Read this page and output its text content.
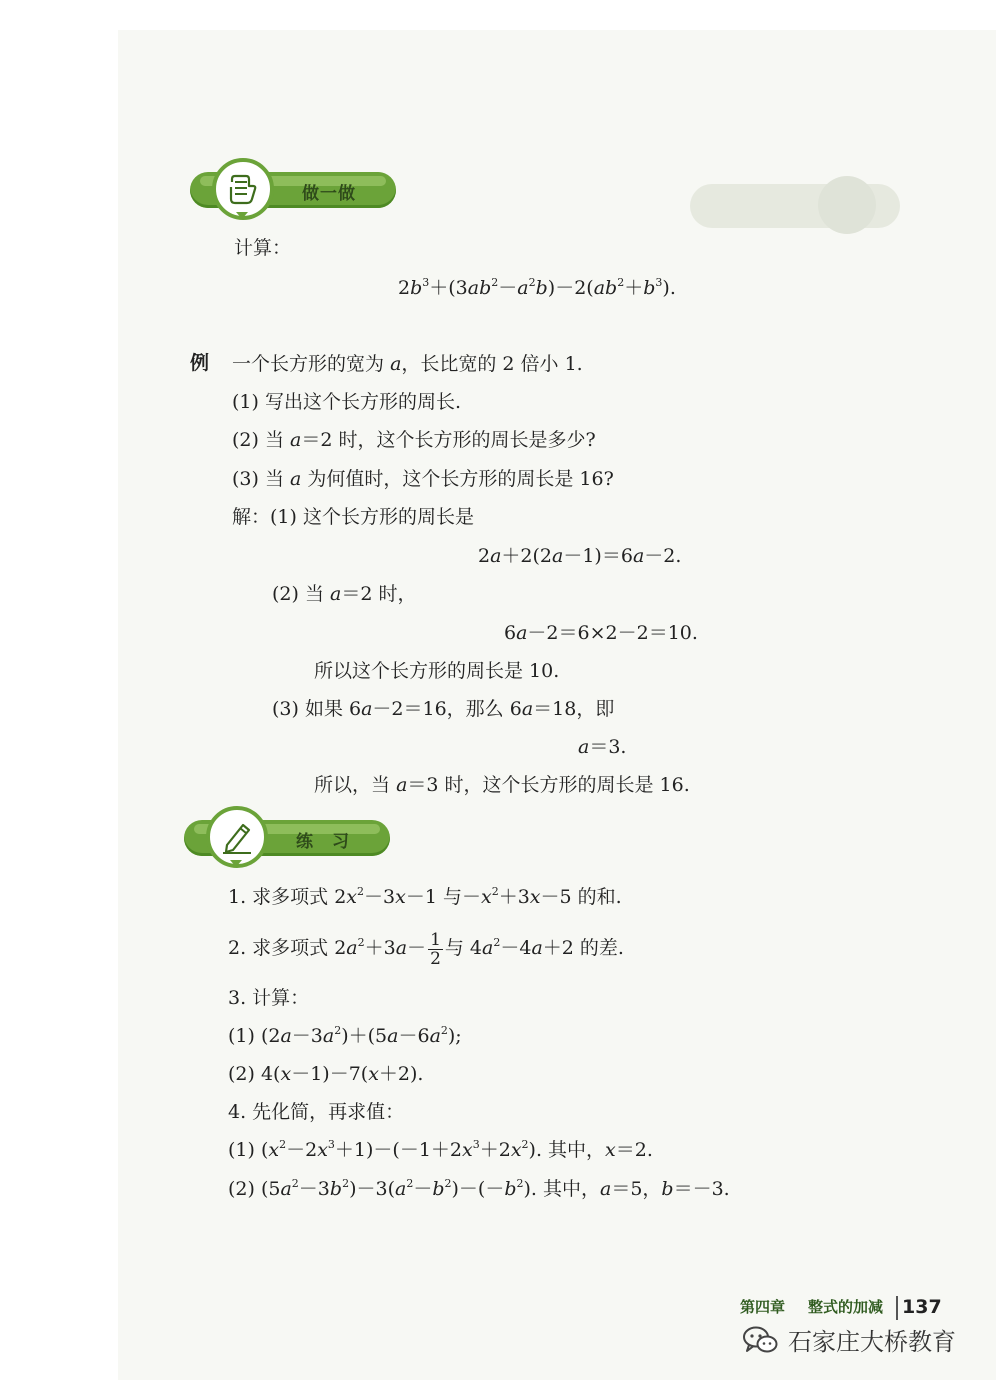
做一做
计算：
$2b^3+(3ab^2-a^2b)-2(ab^2+b^3)$.
例 一个长方形的宽为 a，长比宽的 2 倍小 1.
(1) 写出这个长方形的周长.
(2) 当 a＝2 时，这个长方形的周长是多少?
(3) 当 a 为何值时，这个长方形的周长是 16?
解：(1) 这个长方形的周长是
2a＋2(2a－1)＝6a－2.
(2) 当 a＝2 时，
6a－2＝6×2－2＝10.
所以这个长方形的周长是 10.
(3) 如果 6a－2＝16，那么 6a＝18，即
a＝3.
所以，当 a＝3 时，这个长方形的周长是 16.
练　习
1. 求多项式 $2x^2-3x-1$ 与$-x^2+3x-5$ 的和.
2. 求多项式 $2a^2+3a- \frac{1}{2}$ 与 $4a^2-4a+2$ 的差.
3. 计算：
(1) $(2a-3a^2)+(5a-6a^2)$;
(2) 4(x－1)－7(x＋2).
4. 先化简，再求值：
(1) $(x^2-2x^3+1)-(-1+2x^3+2x^2)$. 其中，x＝2.
(2) $(5a^2-3b^2)-3(a^2-b^2)-(-b^2)$. 其中，a＝5，b＝－3.
第四章 整式的加减 137
石家庄大桥教育
